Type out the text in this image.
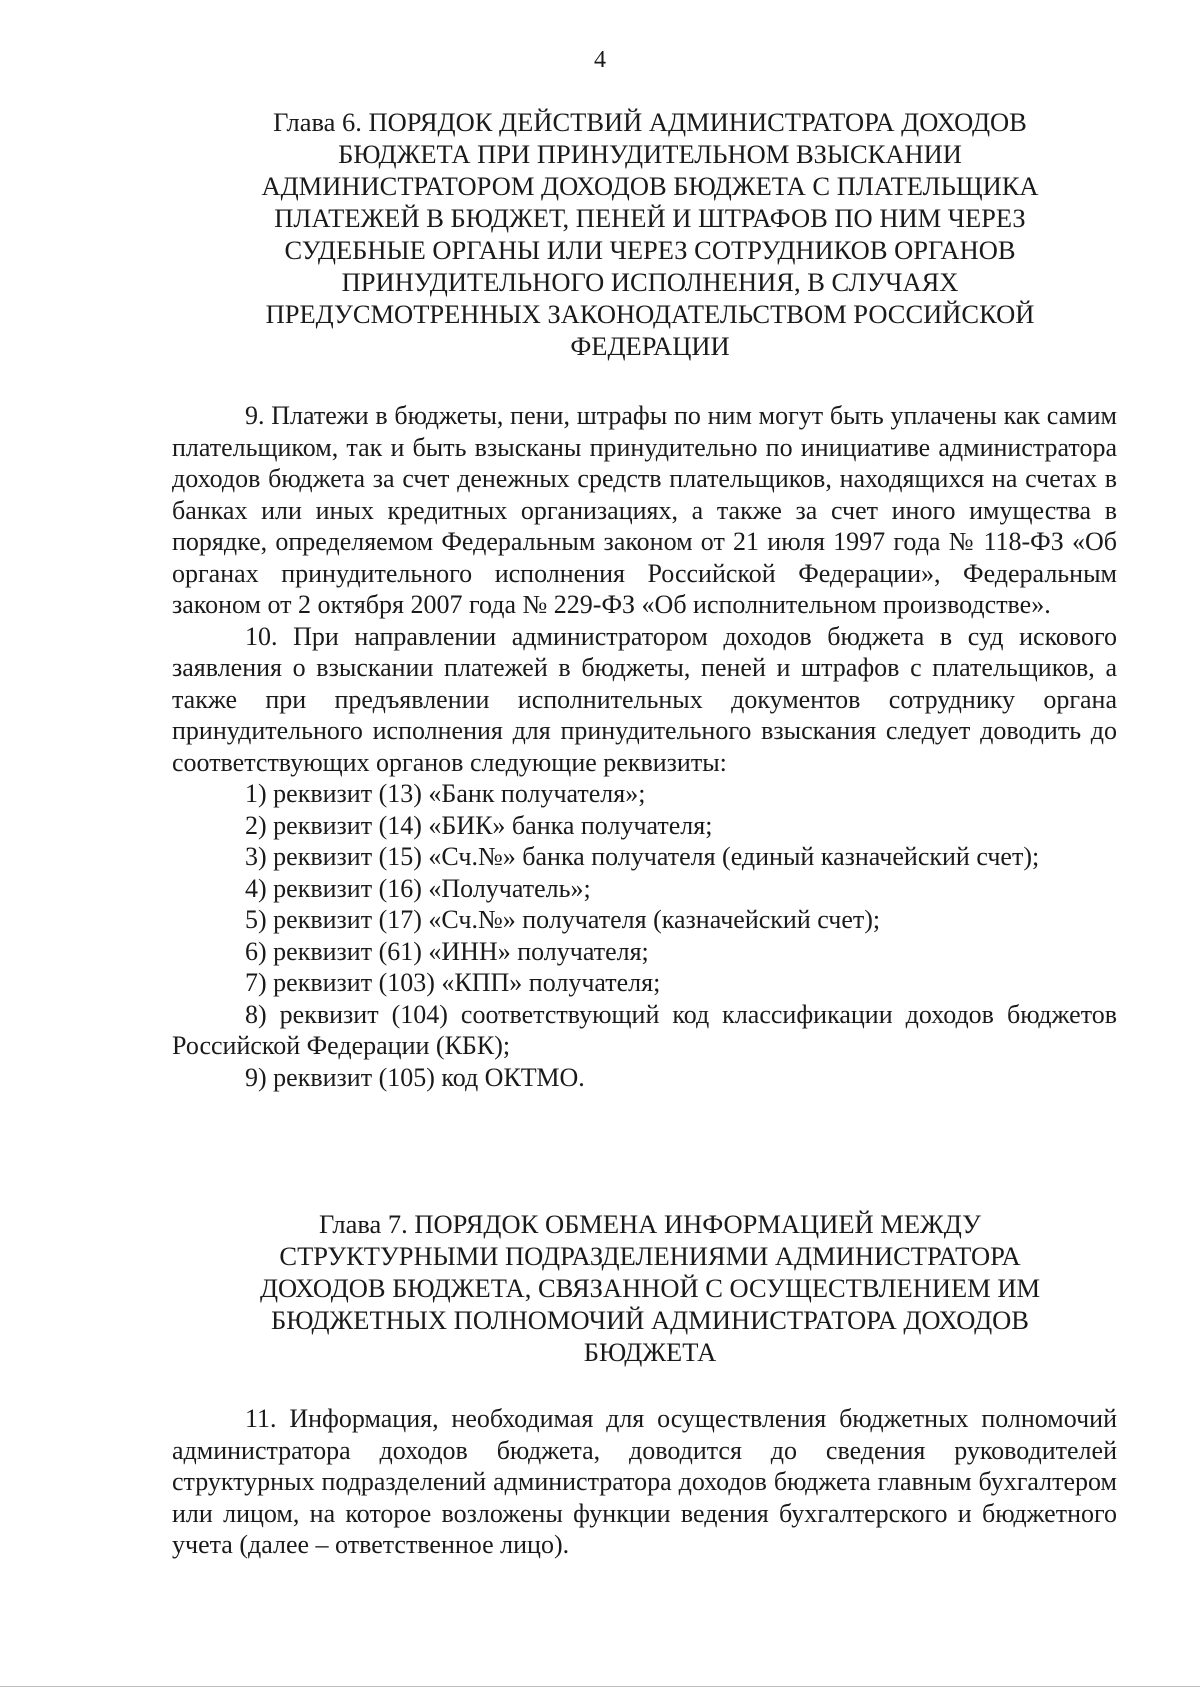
4
Глава 6. ПОРЯДОК ДЕЙСТВИЙ АДМИНИСТРАТОРА ДОХОДОВ
БЮДЖЕТА ПРИ ПРИНУДИТЕЛЬНОМ ВЗЫСКАНИИ
АДМИНИСТРАТОРОМ ДОХОДОВ БЮДЖЕТА С ПЛАТЕЛЬЩИКА
ПЛАТЕЖЕЙ В БЮДЖЕТ, ПЕНЕЙ И ШТРАФОВ ПО НИМ ЧЕРЕЗ
СУДЕБНЫЕ ОРГАНЫ ИЛИ ЧЕРЕЗ СОТРУДНИКОВ ОРГАНОВ
ПРИНУДИТЕЛЬНОГО ИСПОЛНЕНИЯ, В СЛУЧАЯХ
ПРЕДУСМОТРЕННЫХ ЗАКОНОДАТЕЛЬСТВОМ РОССИЙСКОЙ
ФЕДЕРАЦИИ

9. Платежи в бюджеты, пени, штрафы по ним могут быть уплачены как самим плательщиком, так и быть взысканы принудительно по инициативе администратора доходов бюджета за счет денежных средств плательщиков, находящихся на счетах в банках или иных кредитных организациях, а также за счет иного имущества в порядке, определяемом Федеральным законом от 21 июля 1997 года № 118-ФЗ «Об органах принудительного исполнения Российской Федерации», Федеральным законом от 2 октября 2007 года № 229-ФЗ «Об исполнительном производстве».

10. При направлении администратором доходов бюджета в суд искового заявления о взыскании платежей в бюджеты, пеней и штрафов с плательщиков, а также при предъявлении исполнительных документов сотруднику органа принудительного исполнения для принудительного взыскания следует доводить до соответствующих органов следующие реквизиты:

1) реквизит (13) «Банк получателя»;

2) реквизит (14) «БИК» банка получателя;

3) реквизит (15) «Сч.№» банка получателя (единый казначейский счет);

4) реквизит (16) «Получатель»;

5) реквизит (17) «Сч.№» получателя (казначейский счет);

6) реквизит (61) «ИНН» получателя;

7) реквизит (103) «КПП» получателя;

8) реквизит (104) соответствующий код классификации доходов бюджетов Российской Федерации (КБК);

9) реквизит (105) код ОКТМО.

Глава 7. ПОРЯДОК ОБМЕНА ИНФОРМАЦИЕЙ МЕЖДУ
СТРУКТУРНЫМИ ПОДРАЗДЕЛЕНИЯМИ АДМИНИСТРАТОРА
ДОХОДОВ БЮДЖЕТА, СВЯЗАННОЙ С ОСУЩЕСТВЛЕНИЕМ ИМ
БЮДЖЕТНЫХ ПОЛНОМОЧИЙ АДМИНИСТРАТОРА ДОХОДОВ
БЮДЖЕТА

11. Информация, необходимая для осуществления бюджетных полномочий администратора доходов бюджета, доводится до сведения руководителей структурных подразделений администратора доходов бюджета главным бухгалтером или лицом, на которое возложены функции ведения бухгалтерского и бюджетного учета (далее – ответственное лицо).
